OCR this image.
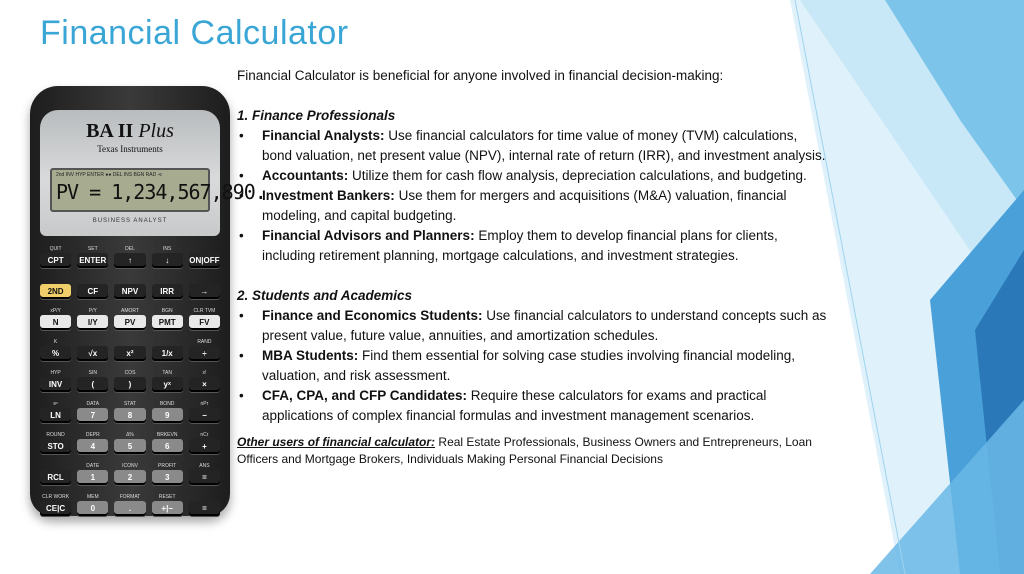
Financial Calculator
BA II Plus
Texas Instruments
2nd INV HYP ENTER ●● DEL INS BGN RAD ⊲
PV = 1,234,567,890.
BUSINESS ANALYST
QUIT
CPT
SET
ENTER
DEL
↑
INS
↓	ON|OFF
2ND	CF	NPV	IRR	→
xP/Y
N
P/Y
I/Y
AMORT
PV
BGN
PMT
CLR TVM
FV
K
%	√x	x²	1/x
RAND
÷
HYP
INV
SIN
(
COS
)
TAN
yˣ
x!
×
eˣ
LN
DATA
7
STAT
8
BOND
9
nPr
−
ROUND
STO
DEPR
4
Δ%
5
BRKEVN
6
nCr
+
RCL
DATE
1
ICONV
2
PROFIT
3
ANS
=
CLR WORK
CE|C
MEM
0
FORMAT
.
RESET
+|−	=

Financial Calculator is beneficial for anyone involved in financial decision-making:

1. Finance Professionals

• Financial Analysts: Use financial calculators for time value of money (TVM) calculations, bond valuation, net present value (NPV), internal rate of return (IRR), and investment analysis.
• Accountants: Utilize them for cash flow analysis, depreciation calculations, and budgeting.
• Investment Bankers: Use them for mergers and acquisitions (M&A) valuation, financial modeling, and capital budgeting.
• Financial Advisors and Planners: Employ them to develop financial plans for clients, including retirement planning, mortgage calculations, and investment strategies.

2. Students and Academics

• Finance and Economics Students: Use financial calculators to understand concepts such as present value, future value, annuities, and amortization schedules.
• MBA Students: Find them essential for solving case studies involving financial modeling, valuation, and risk assessment.
• CFA, CPA, and CFP Candidates: Require these calculators for exams and practical applications of complex financial formulas and investment management scenarios.

Other users of financial calculator: Real Estate Professionals, Business Owners and Entrepreneurs, Loan Officers and Mortgage Brokers, Individuals Making Personal Financial Decisions
